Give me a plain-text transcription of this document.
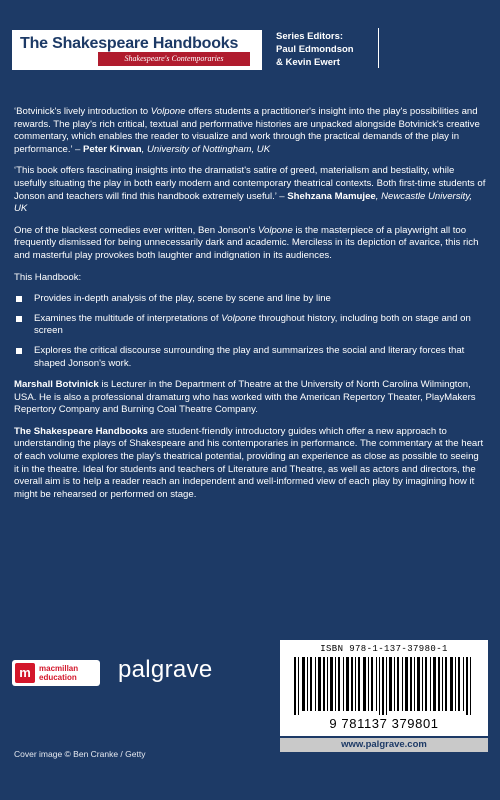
The Shakespeare Handbooks
Shakespeare's Contemporaries
Series Editors:
Paul Edmondson
& Kevin Ewert

‘Botvinick's lively introduction to Volpone offers students a practitioner's insight into the play's possibilities and rewards. The play's rich critical, textual and performative histories are unpacked alongside Botvinick's creative commentary, which enables the reader to visualize and work through the practical demands of the play in performance.’ – Peter Kirwan, University of Nottingham, UK

‘This book offers fascinating insights into the dramatist's satire of greed, materialism and bestiality, while usefully situating the play in both early modern and contemporary theatrical contexts. Both first-time students of Jonson and teachers will find this handbook extremely useful.’ – Shehzana Mamujee, Newcastle University, UK

One of the blackest comedies ever written, Ben Jonson's Volpone is the masterpiece of a playwright all too frequently dismissed for being unnecessarily dark and academic. Merciless in its depiction of avarice, this rich and masterful play provokes both laughter and indignation in its audiences.

This Handbook:

Provides in-depth analysis of the play, scene by scene and line by line
Examines the multitude of interpretations of Volpone throughout history, including both on stage and on screen
Explores the critical discourse surrounding the play and summarizes the social and literary forces that shaped Jonson's work.

Marshall Botvinick is Lecturer in the Department of Theatre at the University of North Carolina Wilmington, USA. He is also a professional dramaturg who has worked with the American Repertory Theater, PlayMakers Repertory Company and Burning Coal Theatre Company.

The Shakespeare Handbooks are student-friendly introductory guides which offer a new approach to understanding the plays of Shakespeare and his contemporaries in performance. The commentary at the heart of each volume explores the play's theatrical potential, providing an experience as close as possible to seeing it in the theatre. Ideal for students and teachers of Literature and Theatre, as well as actors and directors, the overall aim is to help a reader reach an independent and well-informed view of each play by imagining how it might be rehearsed or performed on stage.

m	macmillan
education palgrave
ISBN 978-1-137-37980-1
9 781137 379801
www.palgrave.com
Cover image © Ben Cranke / Getty
